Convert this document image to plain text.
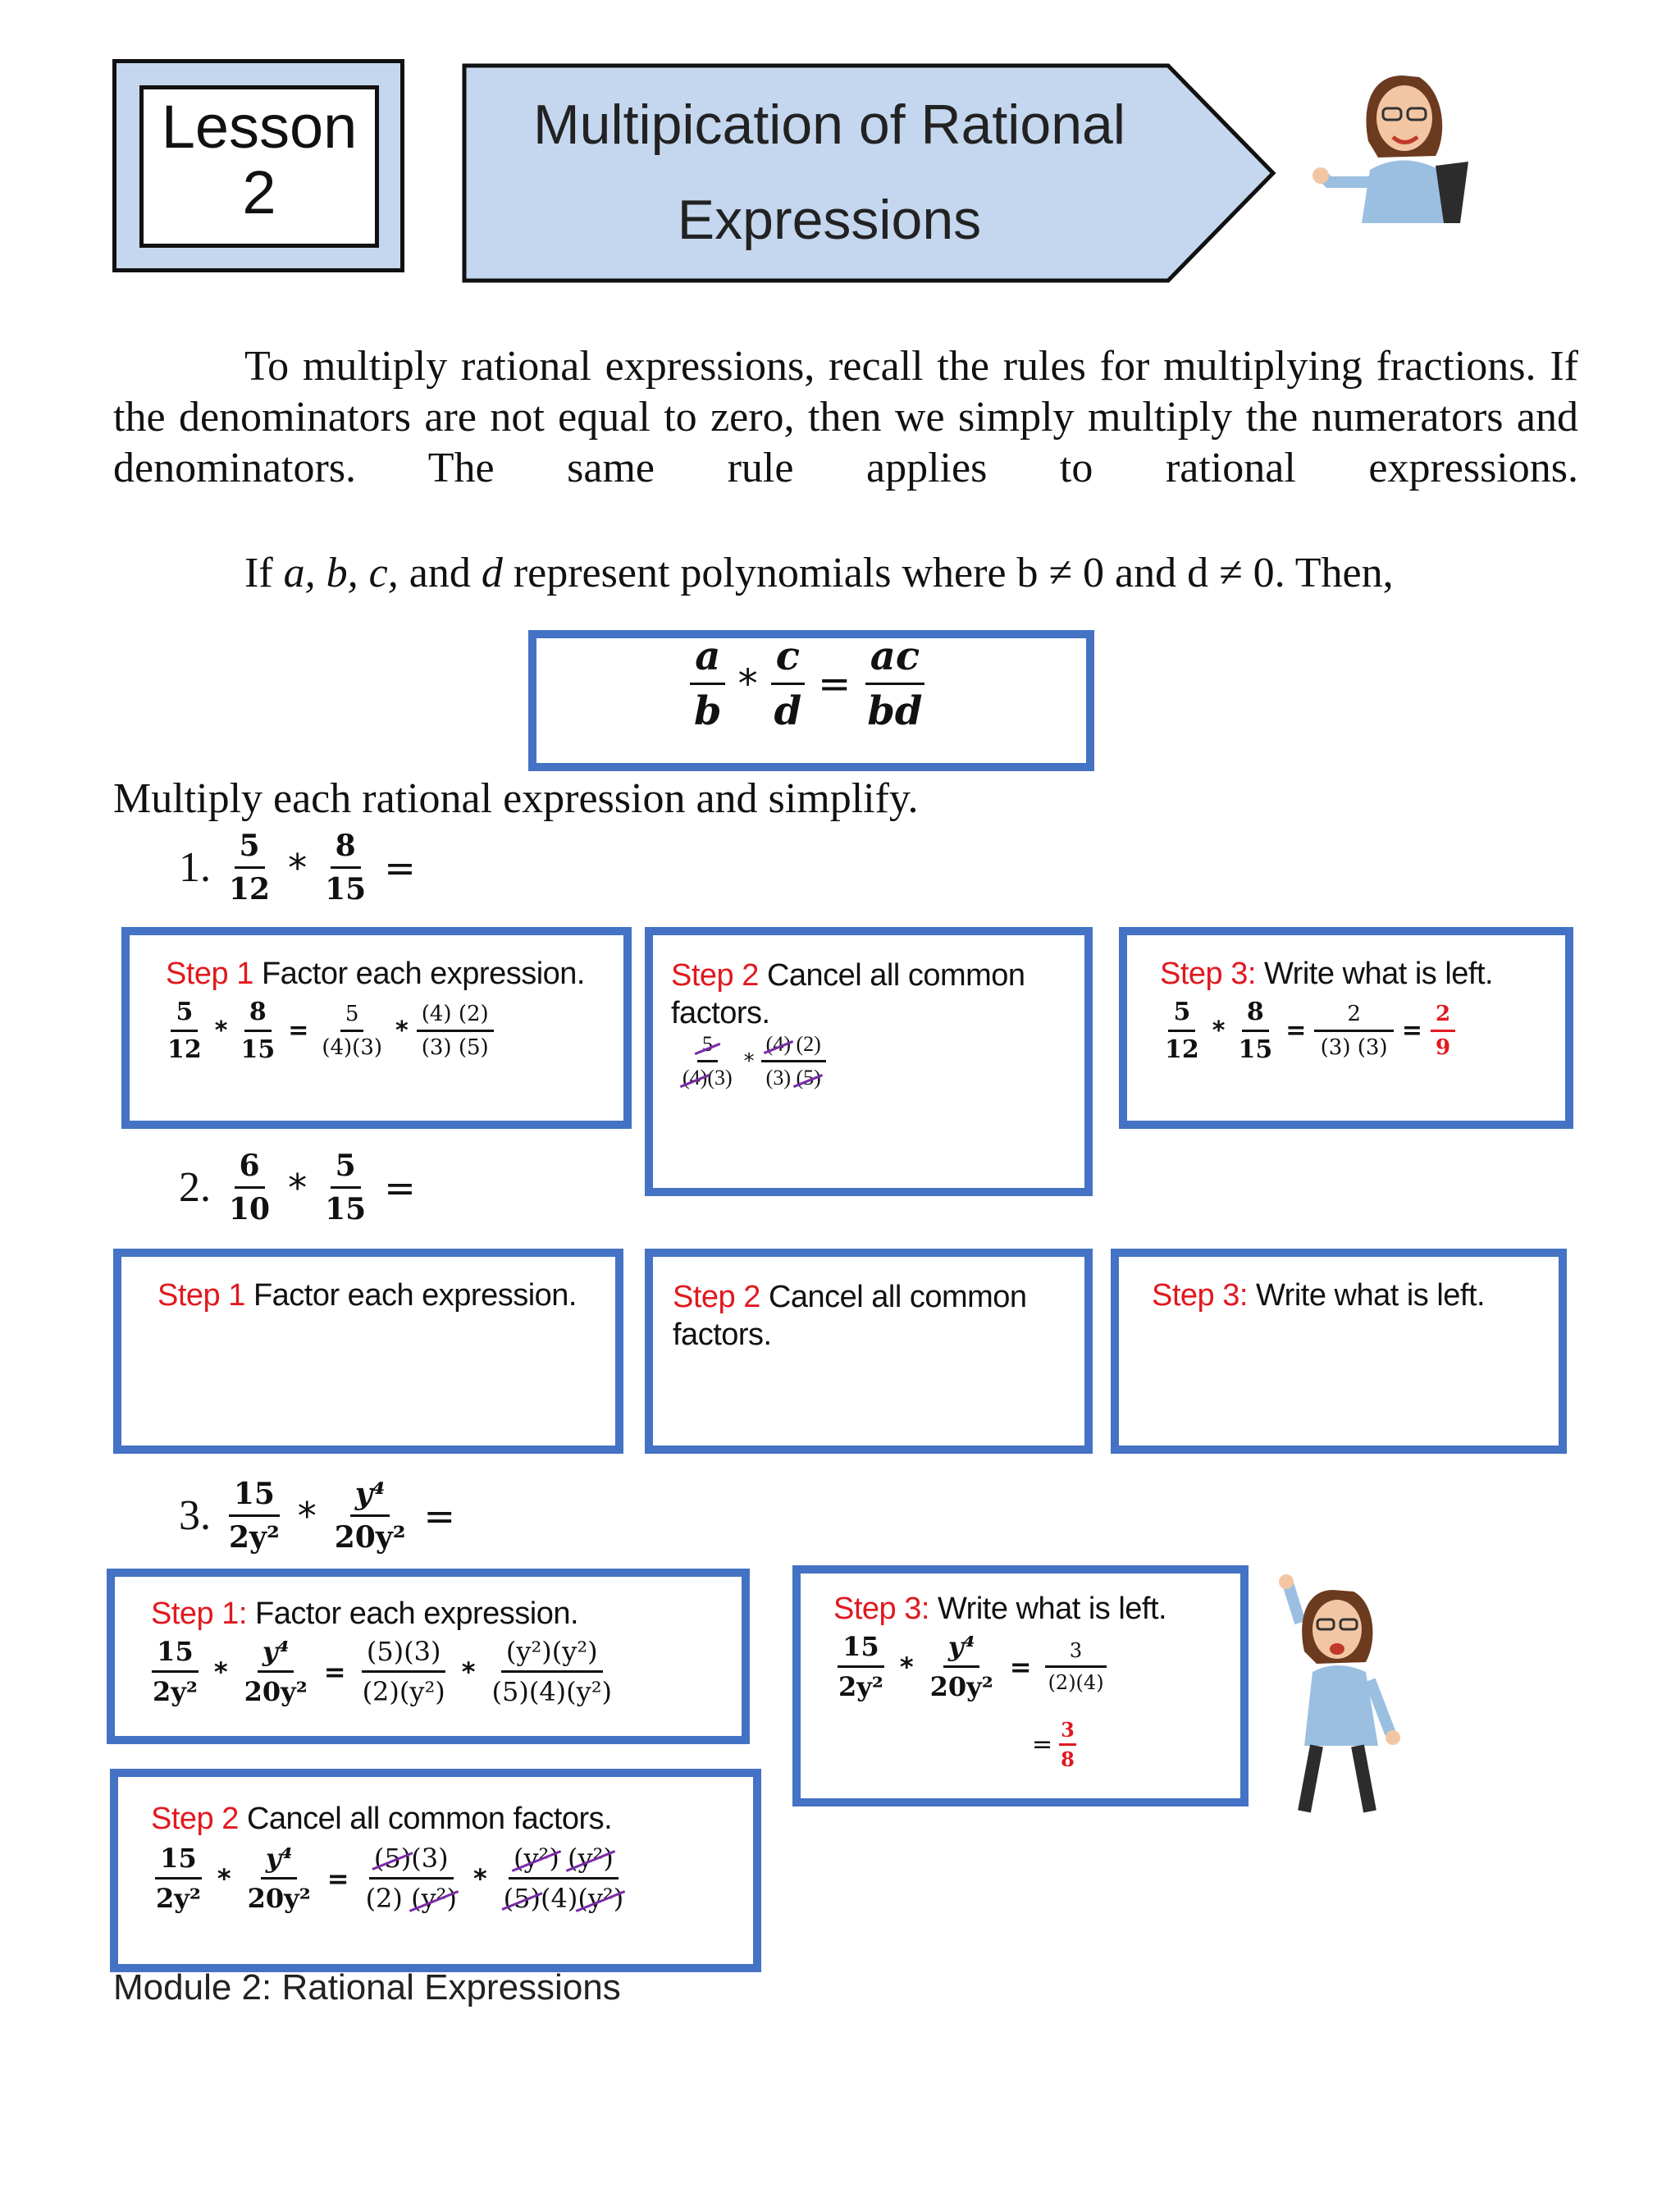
Lesson
2
Multipication of Rational
Expressions
To multiply rational expressions, recall the rules for multiplying fractions. If the denominators are not equal to zero, then we simply multiply the numerators and denominators. The same rule applies to rational expressions.
If a, b, c, and d represent polynomials where b ≠ 0 and d ≠ 0. Then,
$\frac{a}{b} * \frac{c}{d} = \frac{ac}{bd}$
Multiply each rational expression and simplify.
1. $\frac{5}{12} * \frac{8}{15}$ =
Step 1 Factor each expression.
$\frac{5}{12} * \frac{8}{15} = \frac{5}{(4)(3)} * \frac{(4) (2)}{(3) (5)}$
Step 2 Cancel all common factors.
$\frac{5}{(4)(3)} * \frac{(4) (2)}{(3) (5)}$
Step 3: Write what is left.
$\frac{5}{12} * \frac{8}{15} = \frac{2}{(3) (3)} = \frac{2}{9}$
2. $\frac{6}{10} * \frac{5}{15}$ =
Step 1 Factor each expression.	Step 2 Cancel all common factors.
Step 3: Write what is left.
3. $\frac{15}{\text{2y²}} * \frac{\text{y⁴}}{\text{20y²}}$ =
Step 1: Factor each expression.
$\frac{15}{\text{2y²}} * \frac{\text{y⁴}}{\text{20y²}} = \frac{(5)(3)}{\text{(2)(y²)}} * \frac{\text{(y²)(y²)}}{\text{(5)(4)(y²)}}$
Step 2 Cancel all common factors.
$\frac{15}{\text{2y²}} * \frac{\text{y⁴}}{\text{20y²}} = \frac{(5)(3)}{\text{(2) (y²)}} * \frac{\text{(y²) (y²)}}{\text{(5)(4)(y²)}}$
Step 3: Write what is left.
$\frac{15}{\text{2y²}} * \frac{\text{y⁴}}{\text{20y²}} = \frac{3}{(2)(4)}$
= $\frac{3}{8}$
Module 2: Rational Expressions
